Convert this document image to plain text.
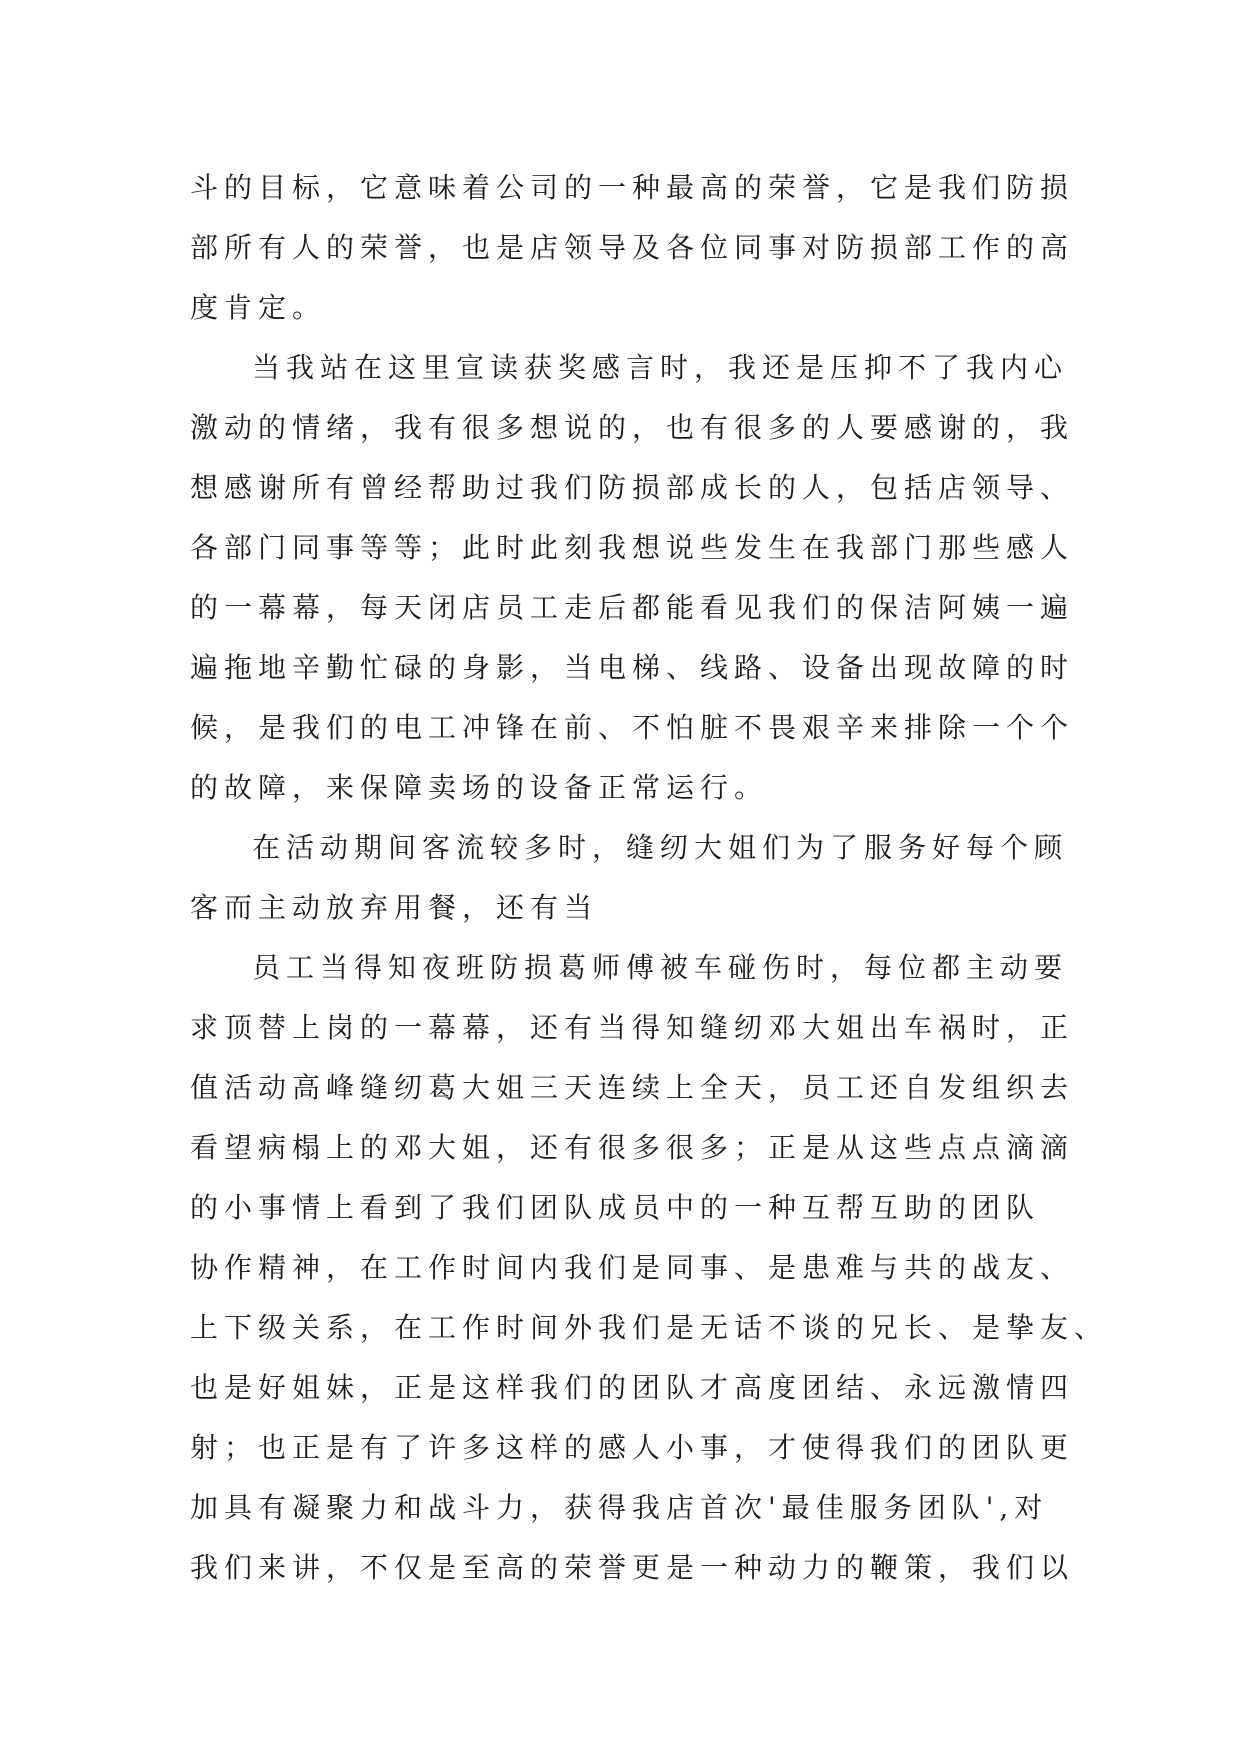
斗的目标，它意味着公司的一种最高的荣誉，它是我们防损
部所有人的荣誉，也是店领导及各位同事对防损部工作的高
度肯定。
当我站在这里宣读获奖感言时，我还是压抑不了我内心
激动的情绪，我有很多想说的，也有很多的人要感谢的，我
想感谢所有曾经帮助过我们防损部成长的人，包括店领导、
各部门同事等等；此时此刻我想说些发生在我部门那些感人
的一幕幕，每天闭店员工走后都能看见我们的保洁阿姨一遍
遍拖地辛勤忙碌的身影，当电梯、线路、设备出现故障的时
候，是我们的电工冲锋在前、不怕脏不畏艰辛来排除一个个
的故障，来保障卖场的设备正常运行。
在活动期间客流较多时，缝纫大姐们为了服务好每个顾
客而主动放弃用餐，还有当
员工当得知夜班防损葛师傅被车碰伤时，每位都主动要
求顶替上岗的一幕幕，还有当得知缝纫邓大姐出车祸时，正
值活动高峰缝纫葛大姐三天连续上全天，员工还自发组织去
看望病榻上的邓大姐，还有很多很多；正是从这些点点滴滴
的小事情上看到了我们团队成员中的一种互帮互助的团队
协作精神，在工作时间内我们是同事、是患难与共的战友、
上下级关系，在工作时间外我们是无话不谈的兄长、是挚友、
也是好姐妹，正是这样我们的团队才高度团结、永远激情四
射；也正是有了许多这样的感人小事，才使得我们的团队更
加具有凝聚力和战斗力，获得我店首次'最佳服务团队',对
我们来讲，不仅是至高的荣誉更是一种动力的鞭策，我们以
